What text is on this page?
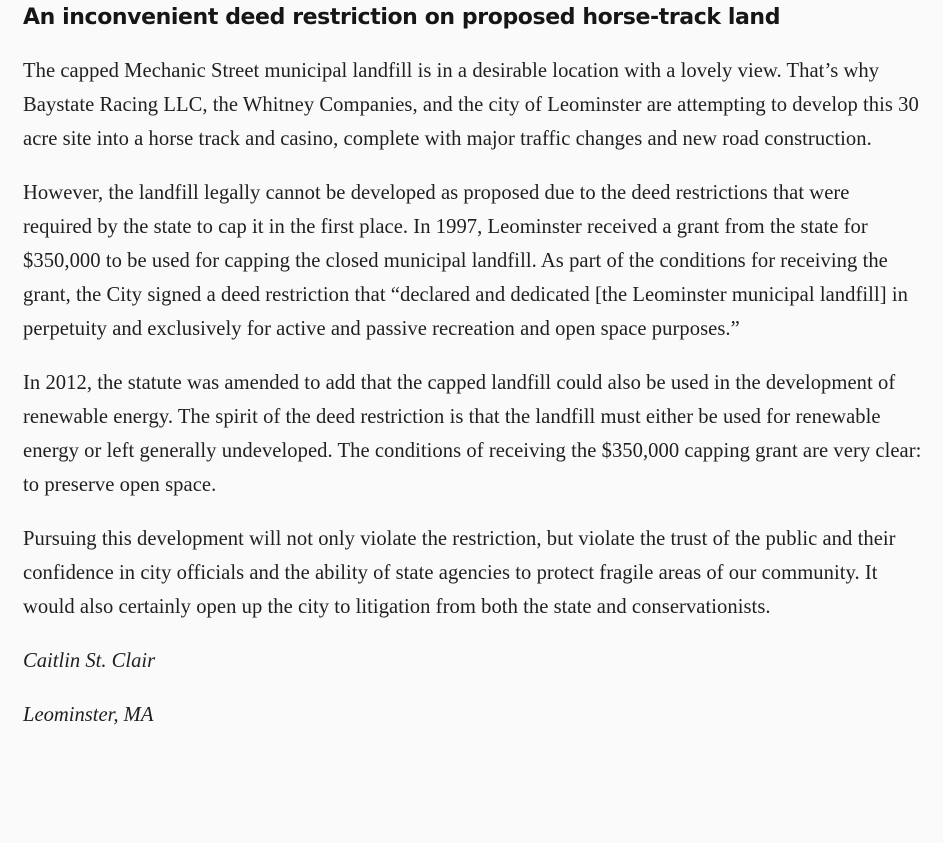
An inconvenient deed restriction on proposed horse-track land

The capped Mechanic Street municipal landfill is in a desirable location with a lovely view. That’s why Baystate Racing LLC, the Whitney Companies, and the city of Leominster are attempting to develop this 30 acre site into a horse track and casino, complete with major traffic changes and new road construction.

However, the landfill legally cannot be developed as proposed due to the deed restrictions that were required by the state to cap it in the first place. In 1997, Leominster received a grant from the state for $350,000 to be used for capping the closed municipal landfill. As part of the conditions for receiving the grant, the City signed a deed restriction that “declared and dedicated [the Leominster municipal landfill] in perpetuity and exclusively for active and passive recreation and open space purposes.”

In 2012, the statute was amended to add that the capped landfill could also be used in the development of renewable energy. The spirit of the deed restriction is that the landfill must either be used for renewable energy or left generally undeveloped. The conditions of receiving the $350,000 capping grant are very clear: to preserve open space.

Pursuing this development will not only violate the restriction, but violate the trust of the public and their confidence in city officials and the ability of state agencies to protect fragile areas of our community. It would also certainly open up the city to litigation from both the state and conservationists.

Caitlin St. Clair

Leominster, MA
